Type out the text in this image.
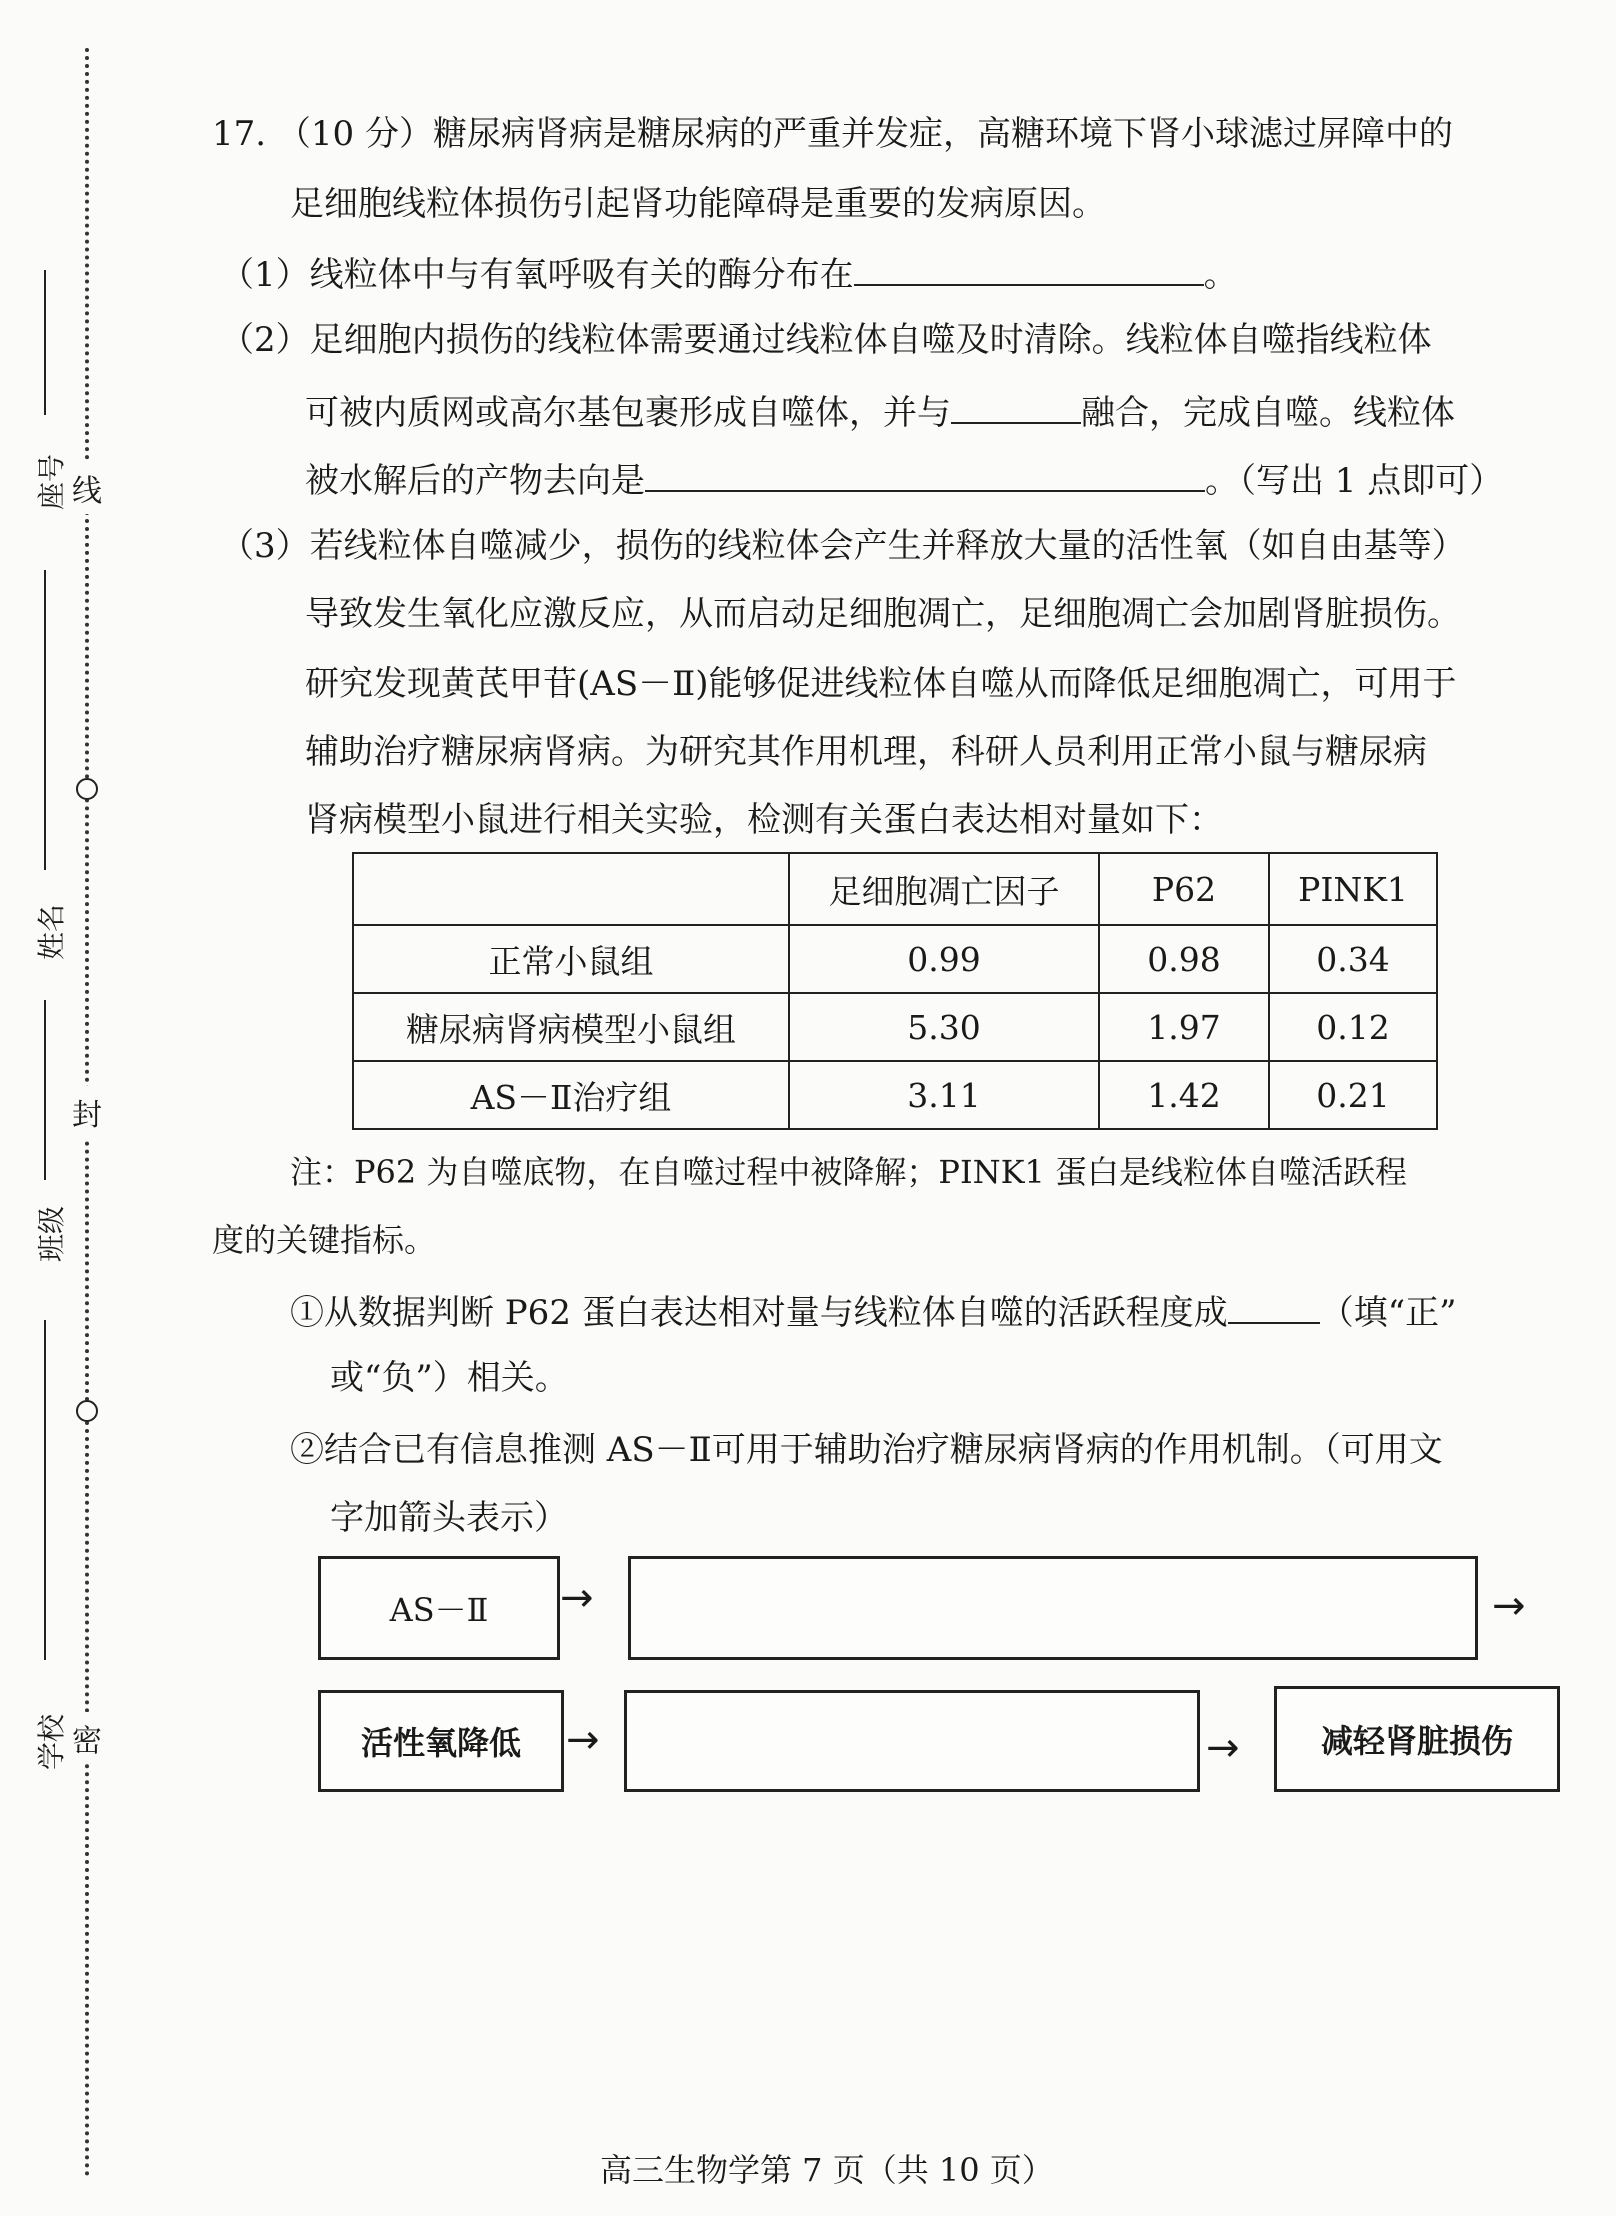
线
封
密
座号
姓名
班级
学校
17. （10 分）糖尿病肾病是糖尿病的严重并发症，高糖环境下肾小球滤过屏障中的
足细胞线粒体损伤引起肾功能障碍是重要的发病原因。
（1）线粒体中与有氧呼吸有关的酶分布在	。
（2）足细胞内损伤的线粒体需要通过线粒体自噬及时清除。线粒体自噬指线粒体
可被内质网或高尔基包裹形成自噬体，并与	融合，完成自噬。线粒体
被水解后的产物去向是	。（写出 1 点即可）
（3）若线粒体自噬减少，损伤的线粒体会产生并释放大量的活性氧（如自由基等）
导致发生氧化应激反应，从而启动足细胞凋亡，足细胞凋亡会加剧肾脏损伤。
研究发现黄芪甲苷(AS－Ⅱ)能够促进线粒体自噬从而降低足细胞凋亡，可用于
辅助治疗糖尿病肾病。为研究其作用机理，科研人员利用正常小鼠与糖尿病
肾病模型小鼠进行相关实验，检测有关蛋白表达相对量如下：
	足细胞凋亡因子	P62	PINK1
正常小鼠组	0.99	0.98	0.34
糖尿病肾病模型小鼠组	5.30	1.97	0.12
AS－Ⅱ治疗组	3.11	1.42	0.21
注：P62 为自噬底物，在自噬过程中被降解；PINK1 蛋白是线粒体自噬活跃程
度的关键指标。
①从数据判断 P62 蛋白表达相对量与线粒体自噬的活跃程度成	（填“正”
或“负”）相关。
②结合已有信息推测 AS－Ⅱ可用于辅助治疗糖尿病肾病的作用机制。（可用文
字加箭头表示）
AS－Ⅱ	→	→
活性氧降低	→	→	减轻肾脏损伤
高三生物学第 7 页（共 10 页）
